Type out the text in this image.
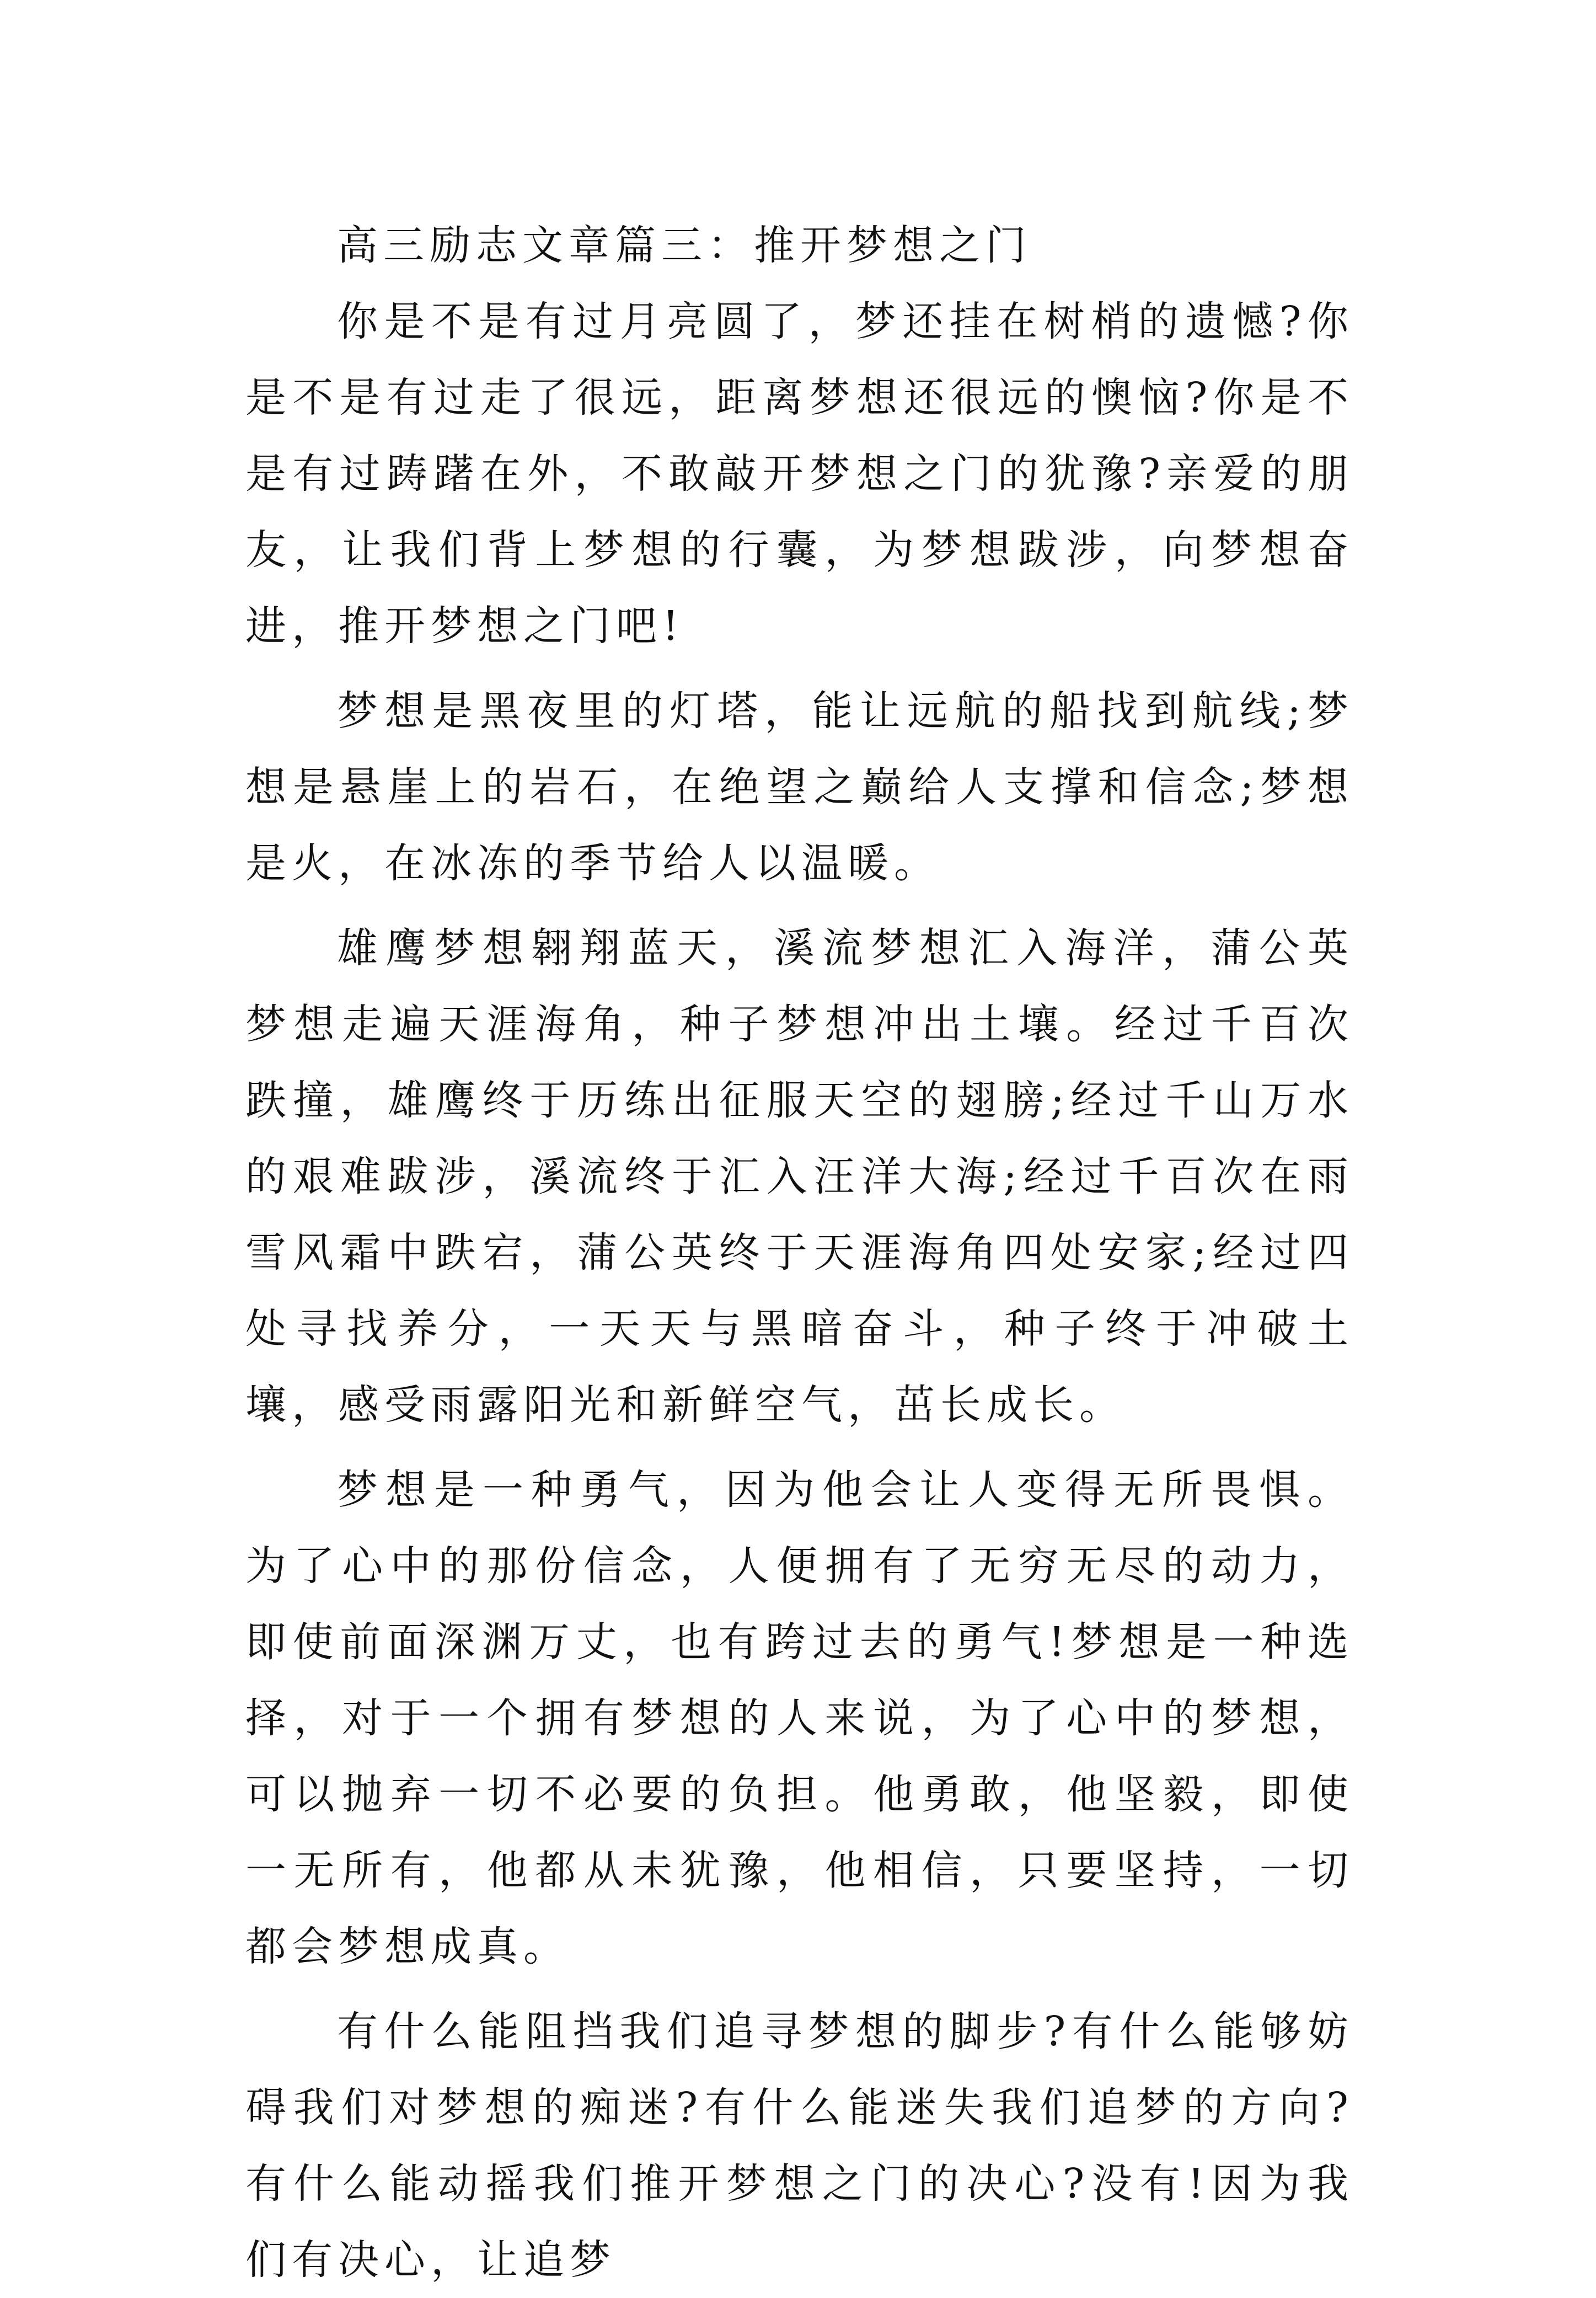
高三励志文章篇三：推开梦想之门

你是不是有过月亮圆了，梦还挂在树梢的遗憾?你是不是有过走了很远，距离梦想还很远的懊恼?你是不是有过踌躇在外，不敢敲开梦想之门的犹豫?亲爱的朋友，让我们背上梦想的行囊，为梦想跋涉，向梦想奋进，推开梦想之门吧!

梦想是黑夜里的灯塔，能让远航的船找到航线;梦想是悬崖上的岩石，在绝望之巅给人支撑和信念;梦想是火，在冰冻的季节给人以温暖。

雄鹰梦想翱翔蓝天，溪流梦想汇入海洋，蒲公英梦想走遍天涯海角，种子梦想冲出土壤。经过千百次跌撞，雄鹰终于历练出征服天空的翅膀;经过千山万水的艰难跋涉，溪流终于汇入汪洋大海;经过千百次在雨雪风霜中跌宕，蒲公英终于天涯海角四处安家;经过四处寻找养分，一天天与黑暗奋斗，种子终于冲破土壤，感受雨露阳光和新鲜空气，茁长成长。

梦想是一种勇气，因为他会让人变得无所畏惧。为了心中的那份信念，人便拥有了无穷无尽的动力，即使前面深渊万丈，也有跨过去的勇气!梦想是一种选择，对于一个拥有梦想的人来说，为了心中的梦想，可以抛弃一切不必要的负担。他勇敢，他坚毅，即使一无所有，他都从未犹豫，他相信，只要坚持，一切都会梦想成真。

有什么能阻挡我们追寻梦想的脚步?有什么能够妨碍我们对梦想的痴迷?有什么能迷失我们追梦的方向?有什么能动摇我们推开梦想之门的决心?没有!因为我们有决心，让追梦
